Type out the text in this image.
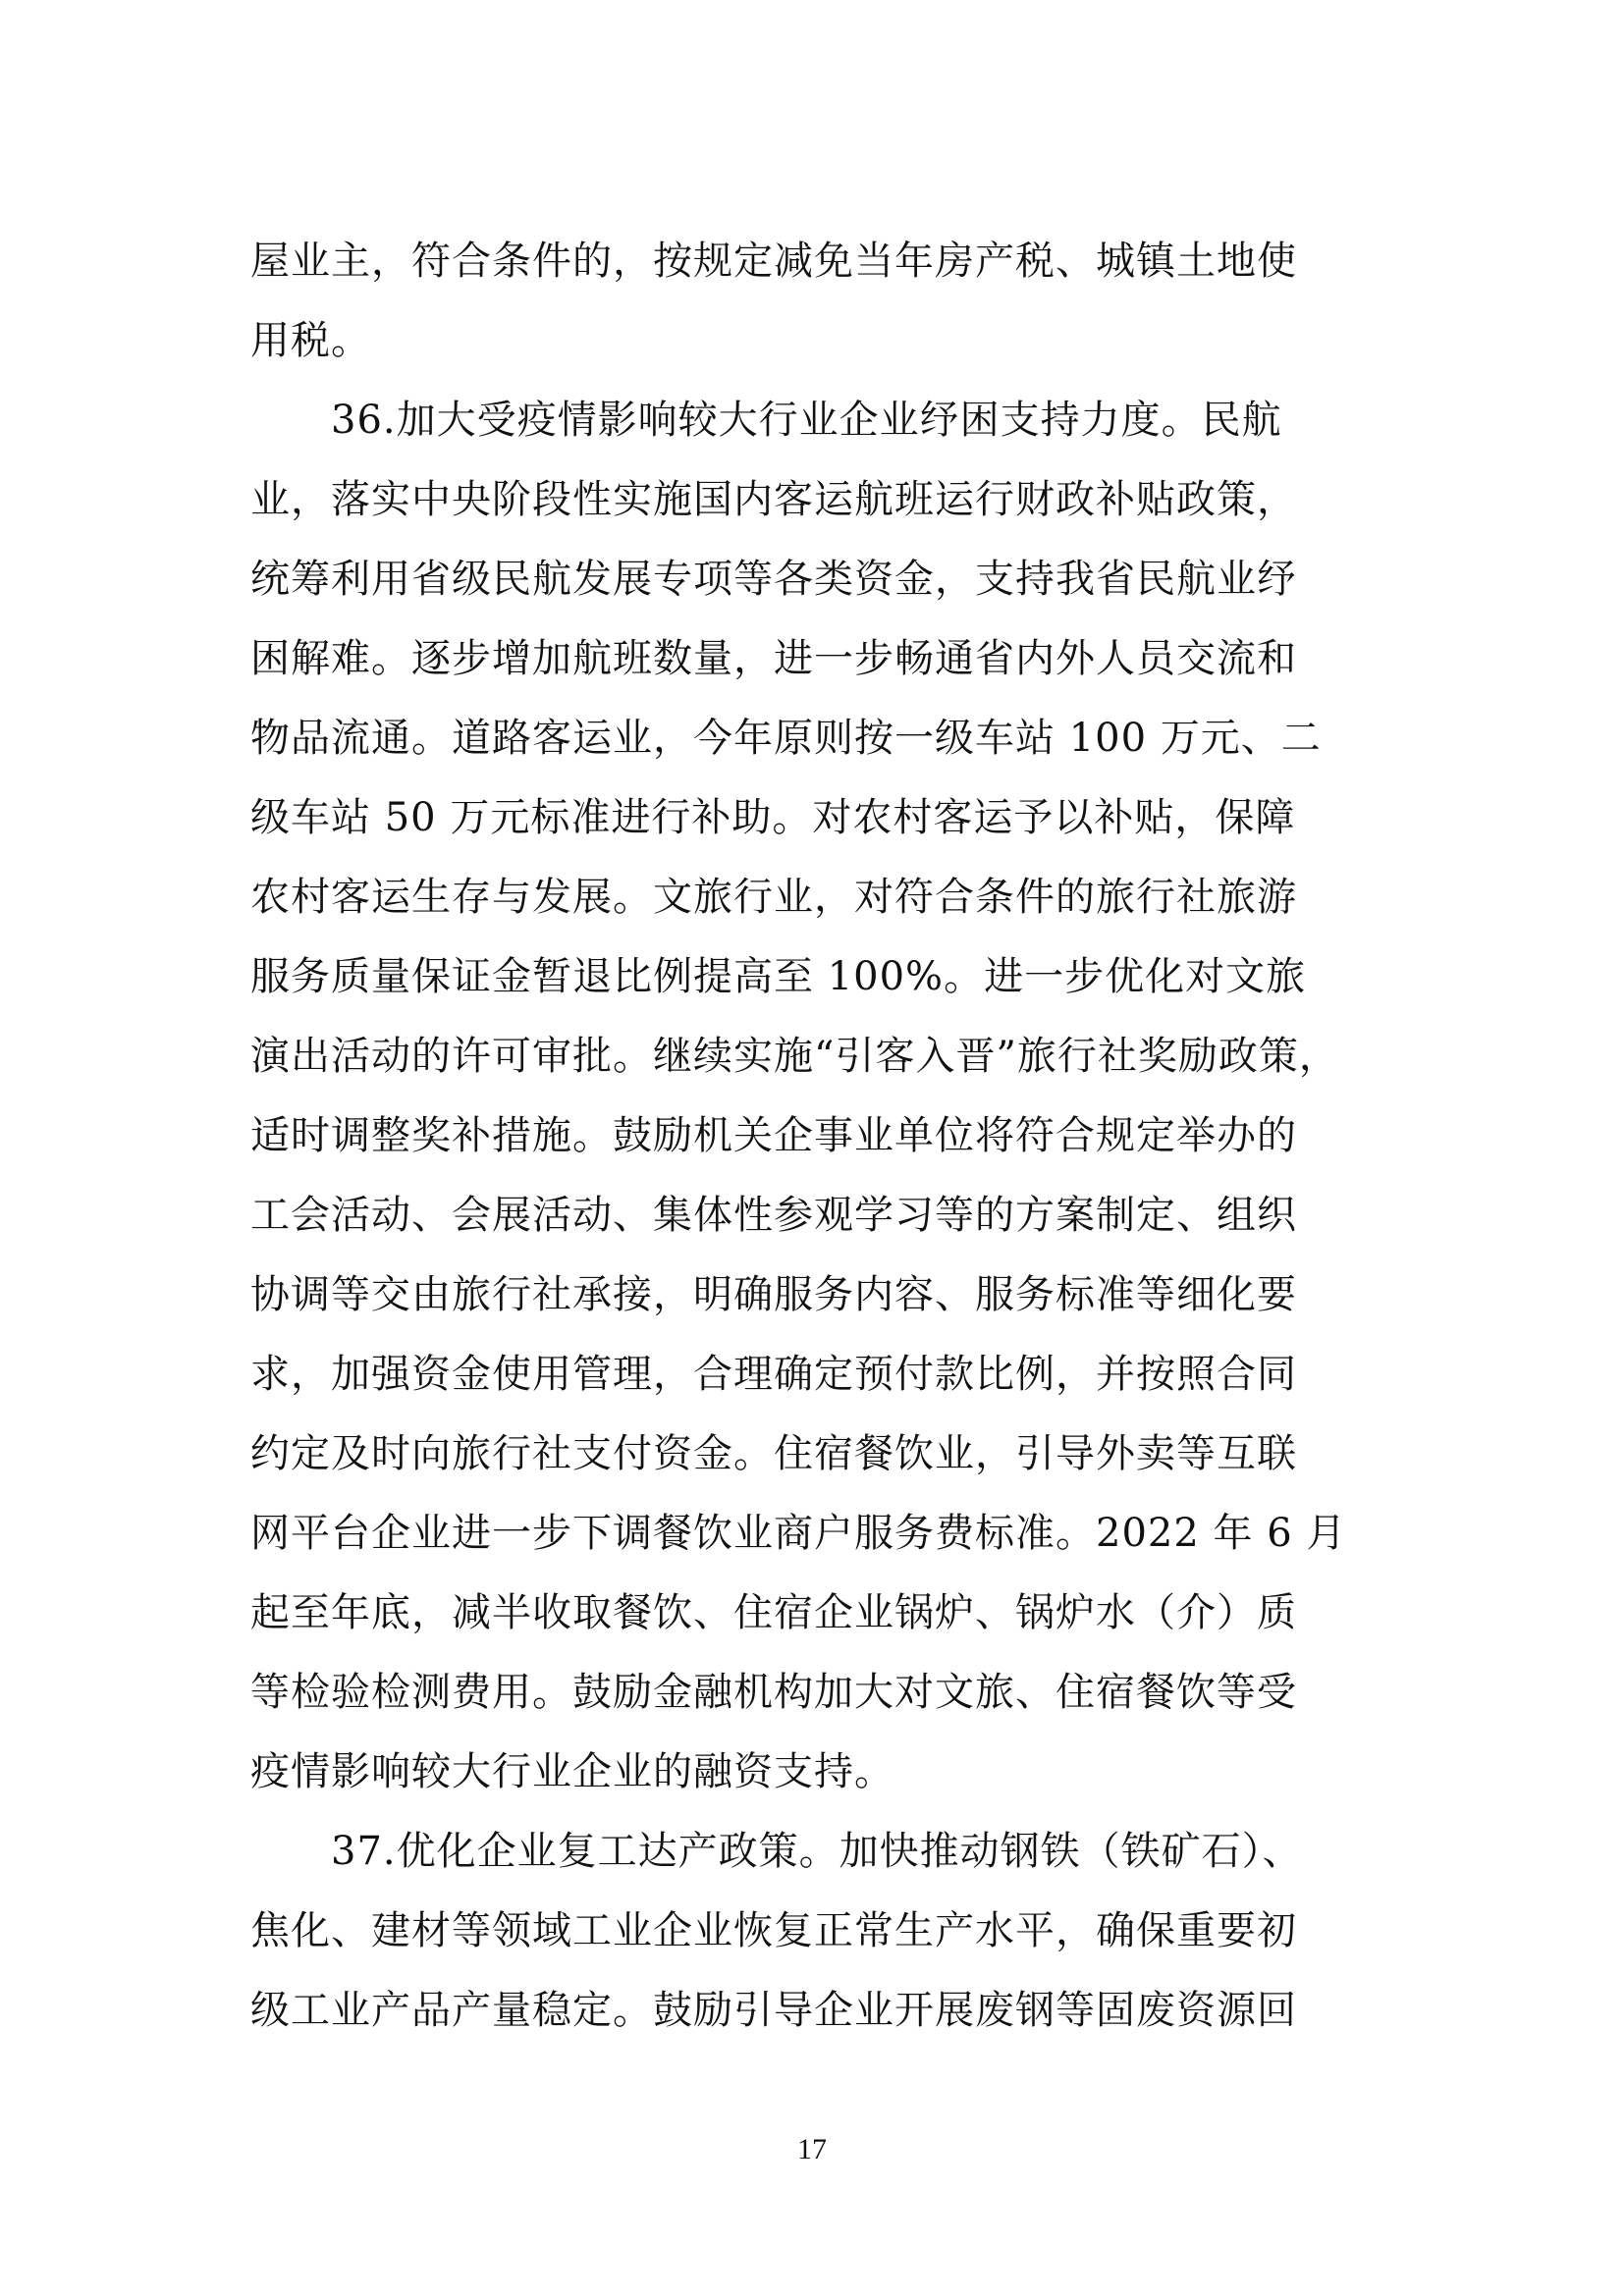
屋业主，符合条件的，按规定减免当年房产税、城镇土地使
用税。
36.加大受疫情影响较大行业企业纾困支持力度。民航
业，落实中央阶段性实施国内客运航班运行财政补贴政策，
统筹利用省级民航发展专项等各类资金，支持我省民航业纾
困解难。逐步增加航班数量，进一步畅通省内外人员交流和
物品流通。道路客运业，今年原则按一级车站 100 万元、二
级车站 50 万元标准进行补助。对农村客运予以补贴，保障
农村客运生存与发展。文旅行业，对符合条件的旅行社旅游
服务质量保证金暂退比例提高至 100%。进一步优化对文旅
演出活动的许可审批。继续实施“引客入晋”旅行社奖励政策，
适时调整奖补措施。鼓励机关企事业单位将符合规定举办的
工会活动、会展活动、集体性参观学习等的方案制定、组织
协调等交由旅行社承接，明确服务内容、服务标准等细化要
求，加强资金使用管理，合理确定预付款比例，并按照合同
约定及时向旅行社支付资金。住宿餐饮业，引导外卖等互联
网平台企业进一步下调餐饮业商户服务费标准。2022 年 6 月
起至年底，减半收取餐饮、住宿企业锅炉、锅炉水（介）质
等检验检测费用。鼓励金融机构加大对文旅、住宿餐饮等受
疫情影响较大行业企业的融资支持。
37.优化企业复工达产政策。加快推动钢铁（铁矿石）、
焦化、建材等领域工业企业恢复正常生产水平，确保重要初
级工业产品产量稳定。鼓励引导企业开展废钢等固废资源回
17
